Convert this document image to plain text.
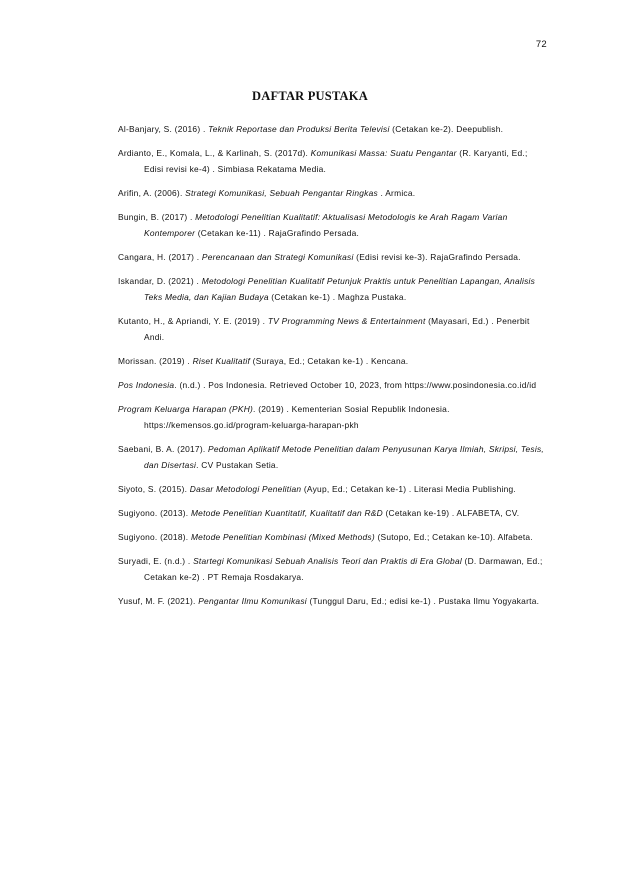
72
DAFTAR PUSTAKA
Al-Banjary, S. (2016) . Teknik Reportase dan Produksi Berita Televisi (Cetakan ke-2). Deepublish.
Ardianto, E., Komala, L., & Karlinah, S. (2017d). Komunikasi Massa: Suatu Pengantar (R. Karyanti, Ed.; Edisi revisi ke-4) . Simbiasa Rekatama Media.
Arifin, A. (2006). Strategi Komunikasi, Sebuah Pengantar Ringkas . Armica.
Bungin, B. (2017) . Metodologi Penelitian Kualitatif: Aktualisasi Metodologis ke Arah Ragam Varian Kontemporer (Cetakan ke-11) . RajaGrafindo Persada.
Cangara, H. (2017) . Perencanaan dan Strategi Komunikasi (Edisi revisi ke-3). RajaGrafindo Persada.
Iskandar, D. (2021) . Metodologi Penelitian Kualitatif Petunjuk Praktis untuk Penelitian Lapangan, Analisis Teks Media, dan Kajian Budaya (Cetakan ke-1) . Maghza Pustaka.
Kutanto, H., & Apriandi, Y. E. (2019) . TV Programming News & Entertainment (Mayasari, Ed.) . Penerbit Andi.
Morissan. (2019) . Riset Kualitatif (Suraya, Ed.; Cetakan ke-1) . Kencana.
Pos Indonesia. (n.d.) . Pos Indonesia. Retrieved October 10, 2023, from https://www.posindonesia.co.id/id
Program Keluarga Harapan (PKH). (2019) . Kementerian Sosial Republik Indonesia. https://kemensos.go.id/program-keluarga-harapan-pkh
Saebani, B. A. (2017). Pedoman Aplikatif Metode Penelitian dalam Penyusunan Karya Ilmiah, Skripsi, Tesis, dan Disertasi. CV Pustakan Setia.
Siyoto, S. (2015). Dasar Metodologi Penelitian (Ayup, Ed.; Cetakan ke-1) . Literasi Media Publishing.
Sugiyono. (2013). Metode Penelitian Kuantitatif, Kualitatif dan R&D (Cetakan ke-19) . ALFABETA, CV.
Sugiyono. (2018). Metode Penelitian Kombinasi (Mixed Methods) (Sutopo, Ed.; Cetakan ke-10). Alfabeta.
Suryadi, E. (n.d.) . Startegi Komunikasi Sebuah Analisis Teori dan Praktis di Era Global (D. Darmawan, Ed.; Cetakan ke-2) . PT Remaja Rosdakarya.
Yusuf, M. F. (2021). Pengantar Ilmu Komunikasi (Tunggul Daru, Ed.; edisi ke-1) . Pustaka Ilmu Yogyakarta.
